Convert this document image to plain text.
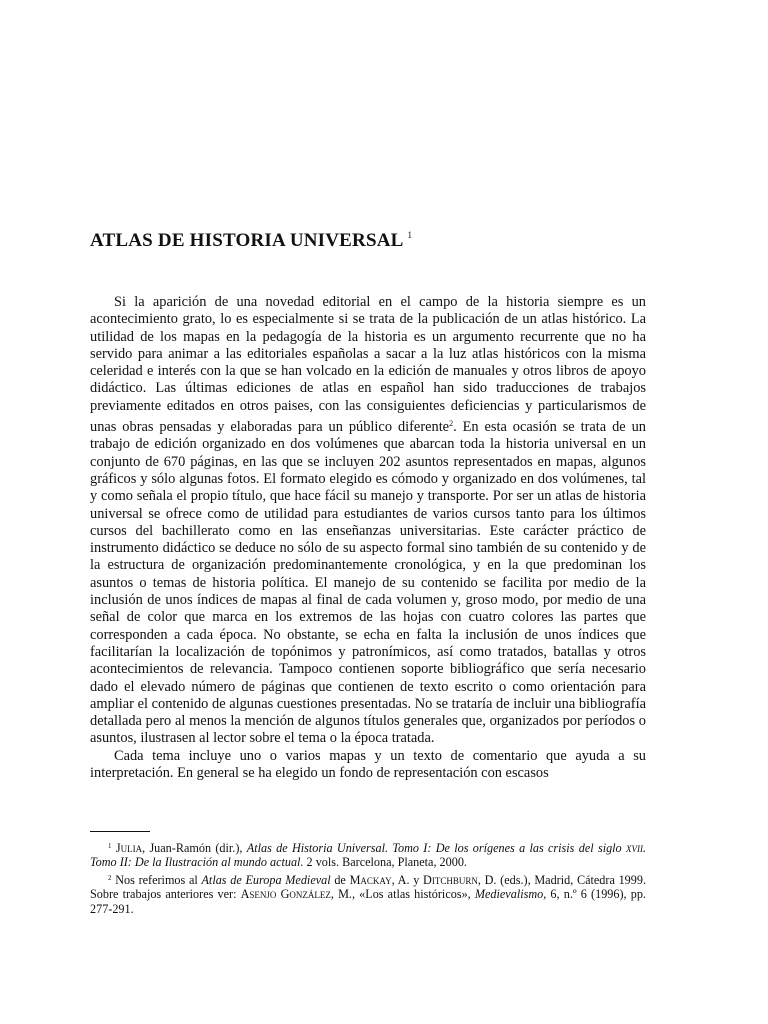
ATLAS DE HISTORIA UNIVERSAL $^1$

Si la aparición de una novedad editorial en el campo de la historia siempre es un acontecimiento grato, lo es especialmente si se trata de la publicación de un atlas histórico. La utilidad de los mapas en la pedagogía de la historia es un argumento recurrente que no ha servido para animar a las editoriales españolas a sacar a la luz atlas históricos con la misma celeridad e interés con la que se han volcado en la edición de manuales y otros libros de apoyo didáctico. Las últimas ediciones de atlas en español han sido traducciones de trabajos previamente editados en otros paises, con las consiguientes deficiencias y particularismos de unas obras pensadas y elaboradas para un público diferente$^2$. En esta ocasión se trata de un trabajo de edición organizado en dos volúmenes que abarcan toda la historia universal en un conjunto de 670 páginas, en las que se incluyen 202 asuntos representados en mapas, algunos gráficos y sólo algunas fotos. El formato elegido es cómodo y organizado en dos volúmenes, tal y como señala el propio título, que hace fácil su manejo y transporte. Por ser un atlas de historia universal se ofrece como de utilidad para estudiantes de varios cursos tanto para los últimos cursos del bachillerato como en las enseñanzas universitarias. Este carácter práctico de instrumento didáctico se deduce no sólo de su aspecto formal sino también de su contenido y de la estructura de organización predominantemente cronológica, y en la que predominan los asuntos o temas de historia política. El manejo de su contenido se facilita por medio de la inclusión de unos índices de mapas al final de cada volumen y, groso modo, por medio de una señal de color que marca en los extremos de las hojas con cuatro colores las partes que corresponden a cada época. No obstante, se echa en falta la inclusión de unos índices que facilitarían la localización de topónimos y patronímicos, así como tratados, batallas y otros acontecimientos de relevancia. Tampoco contienen soporte bibliográfico que sería necesario dado el elevado número de páginas que contienen de texto escrito o como orientación para ampliar el contenido de algunas cuestiones presentadas. No se trataría de incluir una bibliografía detallada pero al menos la mención de algunos títulos generales que, organizados por períodos o asuntos, ilustrasen al lector sobre el tema o la época tratada.

Cada tema incluye uno o varios mapas y un texto de comentario que ayuda a su interpretación. En general se ha elegido un fondo de representación con escasos

$^1$ Julia, Juan-Ramón (dir.), Atlas de Historia Universal. Tomo I: De los orígenes a las crisis del siglo xvii. Tomo II: De la Ilustración al mundo actual. 2 vols. Barcelona, Planeta, 2000.

$^2$ Nos referimos al Atlas de Europa Medieval de Mackay, A. y Ditchburn, D. (eds.), Madrid, Cátedra 1999. Sobre trabajos anteriores ver: Asenjo González, M., «Los atlas históricos», Medievalismo, 6, n.º 6 (1996), pp. 277-291.
